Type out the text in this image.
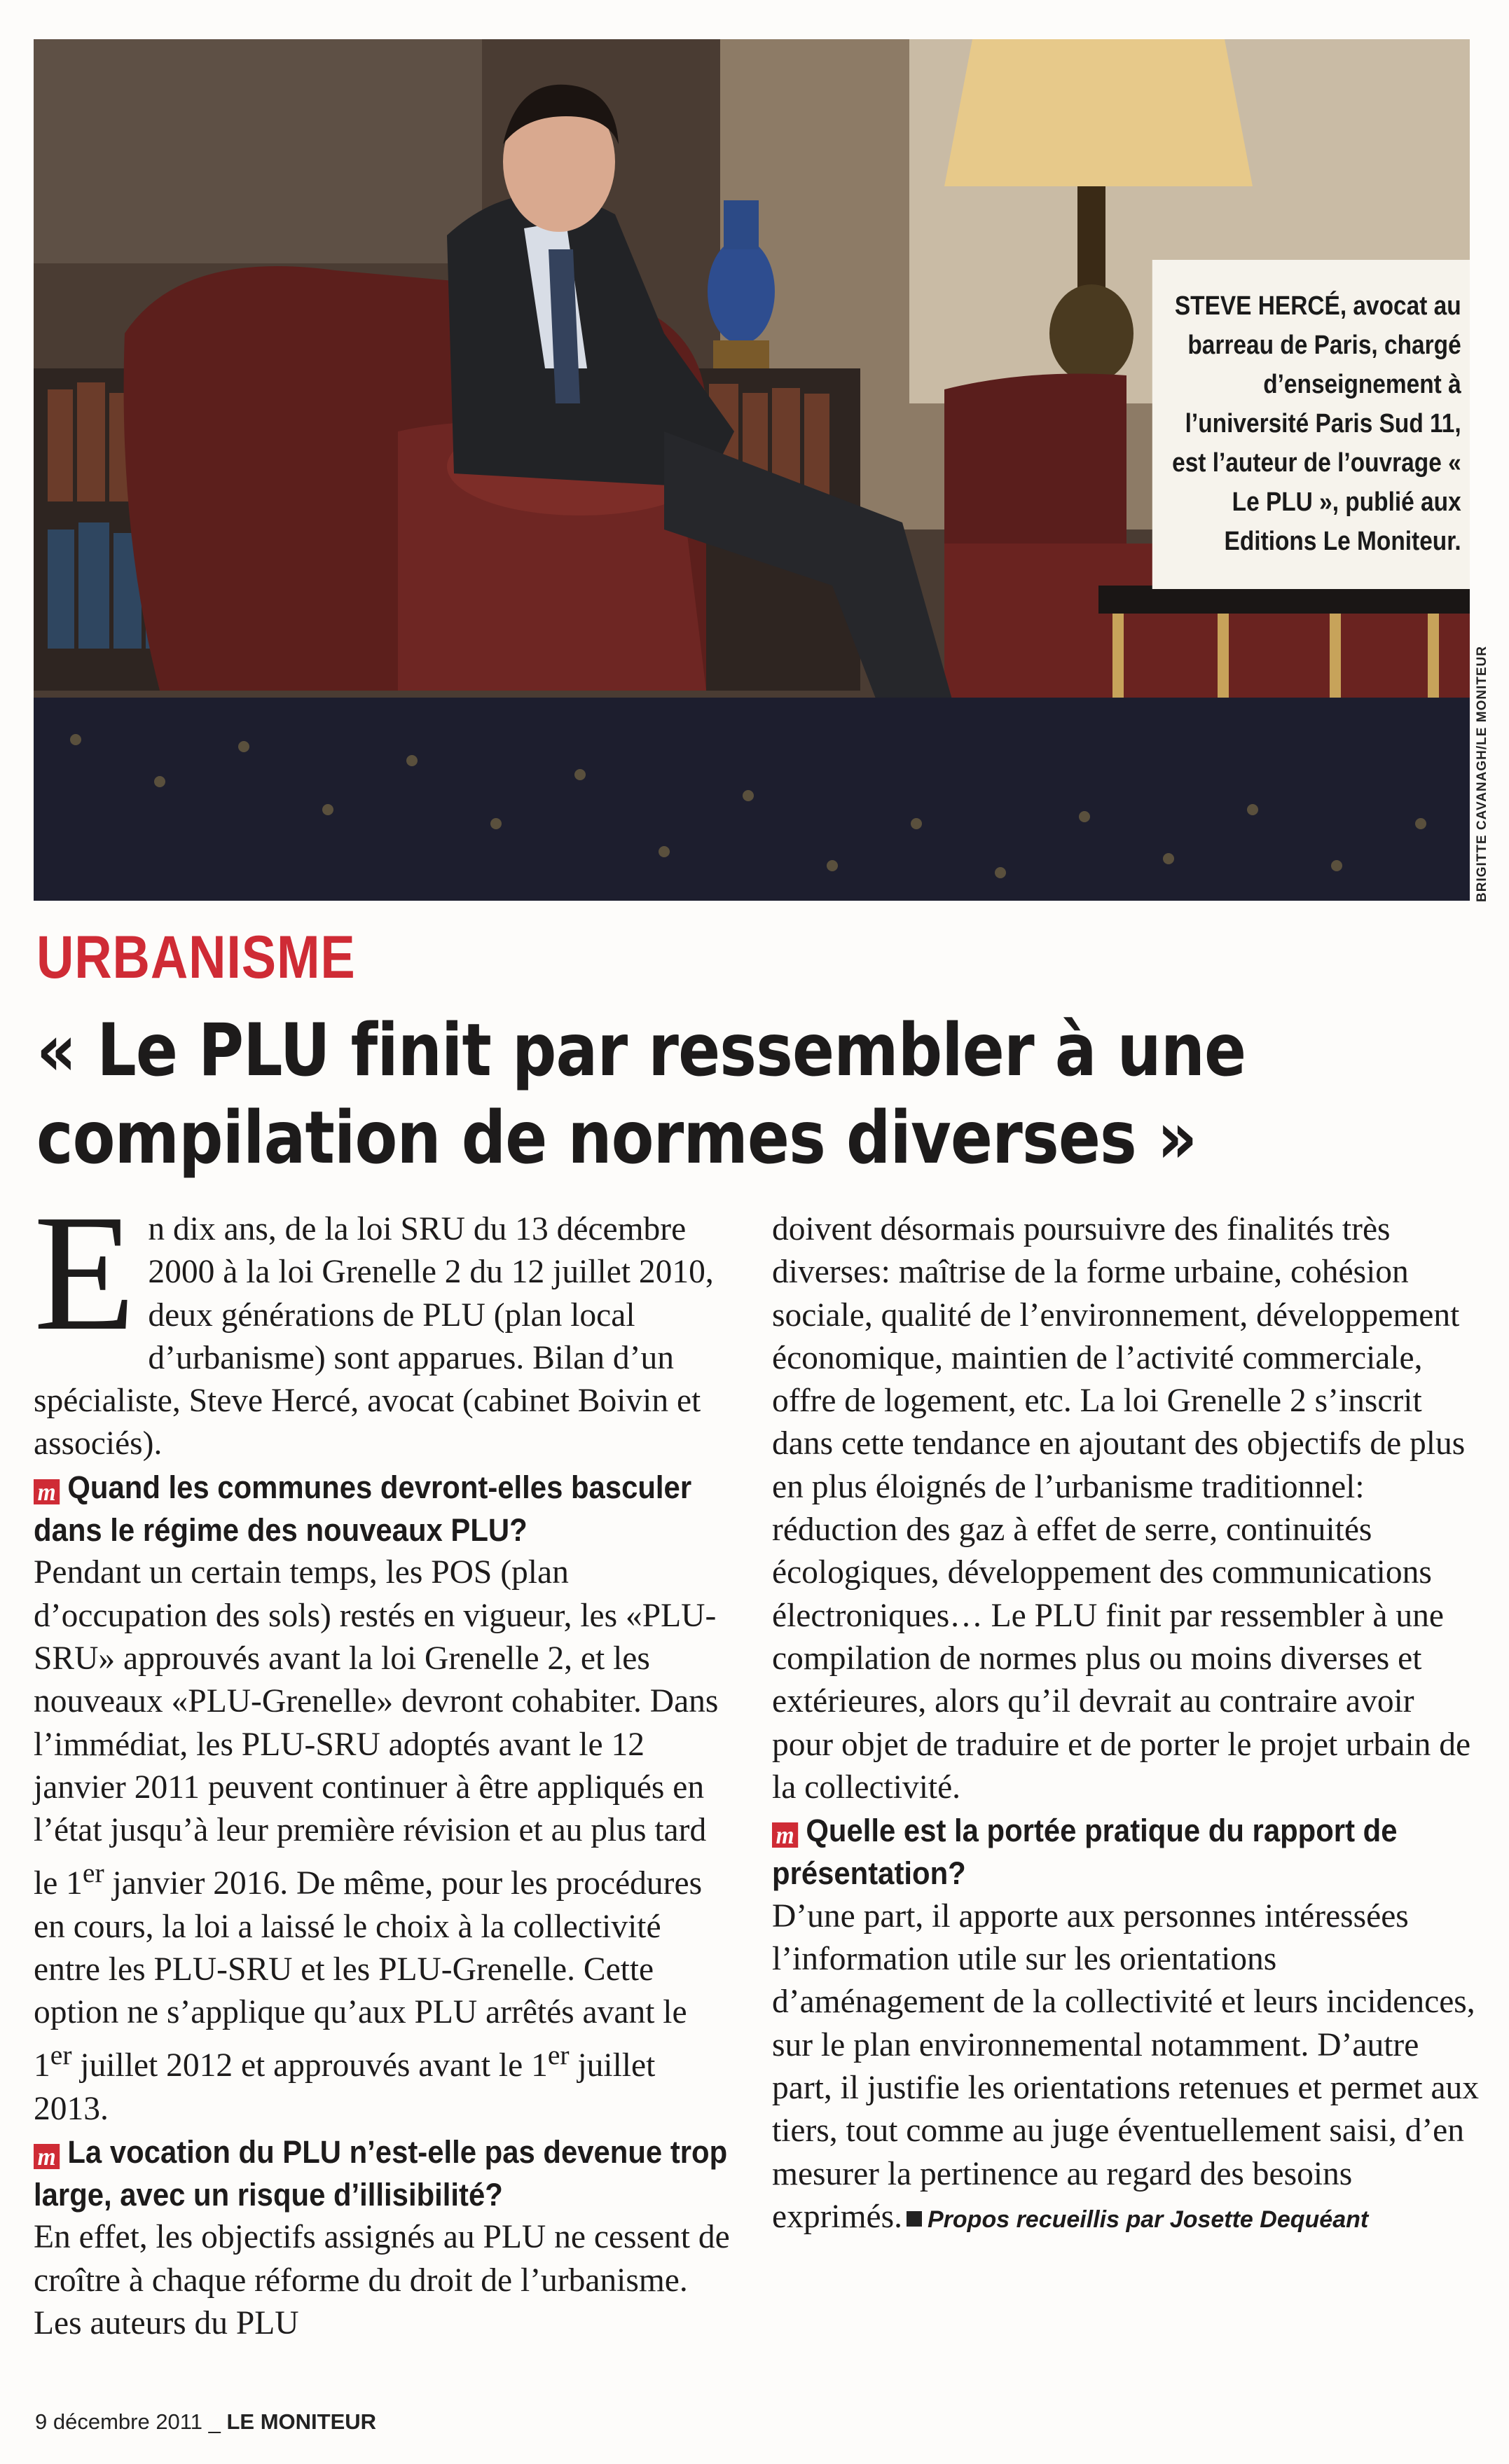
STEVE HERCÉ, avocat au barreau de Paris, chargé d’enseignement à l’université Paris Sud 11, est l’auteur de l’ouvrage « Le PLU », publié aux Editions Le Moniteur.
BRIGITTE CAVANAGH/LE MONITEUR
URBANISME
« Le PLU finit par ressembler à une compilation de normes diverses »

En dix ans, de la loi SRU du 13 décembre 2000 à la loi Grenelle 2 du 12 juillet 2010, deux générations de PLU (plan local d’urbanisme) sont apparues. Bilan d’un spécialiste, Steve Hercé, avocat (cabinet Boivin et associés).

m Quand les communes devront-elles basculer dans le régime des nouveaux PLU?

Pendant un certain temps, les POS (plan d’occupation des sols) restés en vigueur, les «PLU-SRU» approuvés avant la loi Grenelle 2, et les nouveaux «PLU-Grenelle» devront cohabiter. Dans l’immédiat, les PLU-SRU adoptés avant le 12 janvier 2011 peuvent continuer à être appliqués en l’état jusqu’à leur première révision et au plus tard le 1er janvier 2016. De même, pour les procédures en cours, la loi a laissé le choix à la collectivité entre les PLU-SRU et les PLU-Grenelle. Cette option ne s’applique qu’aux PLU arrêtés avant le 1er juillet 2012 et approuvés avant le 1er juillet 2013.

m La vocation du PLU n’est-elle pas devenue trop large, avec un risque d’illisibilité?

En effet, les objectifs assignés au PLU ne cessent de croître à chaque réforme du droit de l’urbanisme. Les auteurs du PLU

doivent désormais poursuivre des finalités très diverses: maîtrise de la forme urbaine, cohésion sociale, qualité de l’environnement, développement économique, maintien de l’activité commerciale, offre de logement, etc. La loi Grenelle 2 s’inscrit dans cette tendance en ajoutant des objectifs de plus en plus éloignés de l’urbanisme traditionnel: réduction des gaz à effet de serre, continuités écologiques, développement des communications électroniques… Le PLU finit par ressembler à une compilation de normes plus ou moins diverses et extérieures, alors qu’il devrait au contraire avoir pour objet de traduire et de porter le projet urbain de la collectivité.

m Quelle est la portée pratique du rapport de présentation?

D’une part, il apporte aux personnes intéressées l’information utile sur les orientations d’aménagement de la collectivité et leurs incidences, sur le plan environnemental notamment. D’autre part, il justifie les orientations retenues et permet aux tiers, tout comme au juge éventuellement saisi, d’en mesurer la pertinence au regard des besoins exprimés. Propos recueillis par Josette Dequéant

9 décembre 2011 _ LE MONITEUR
